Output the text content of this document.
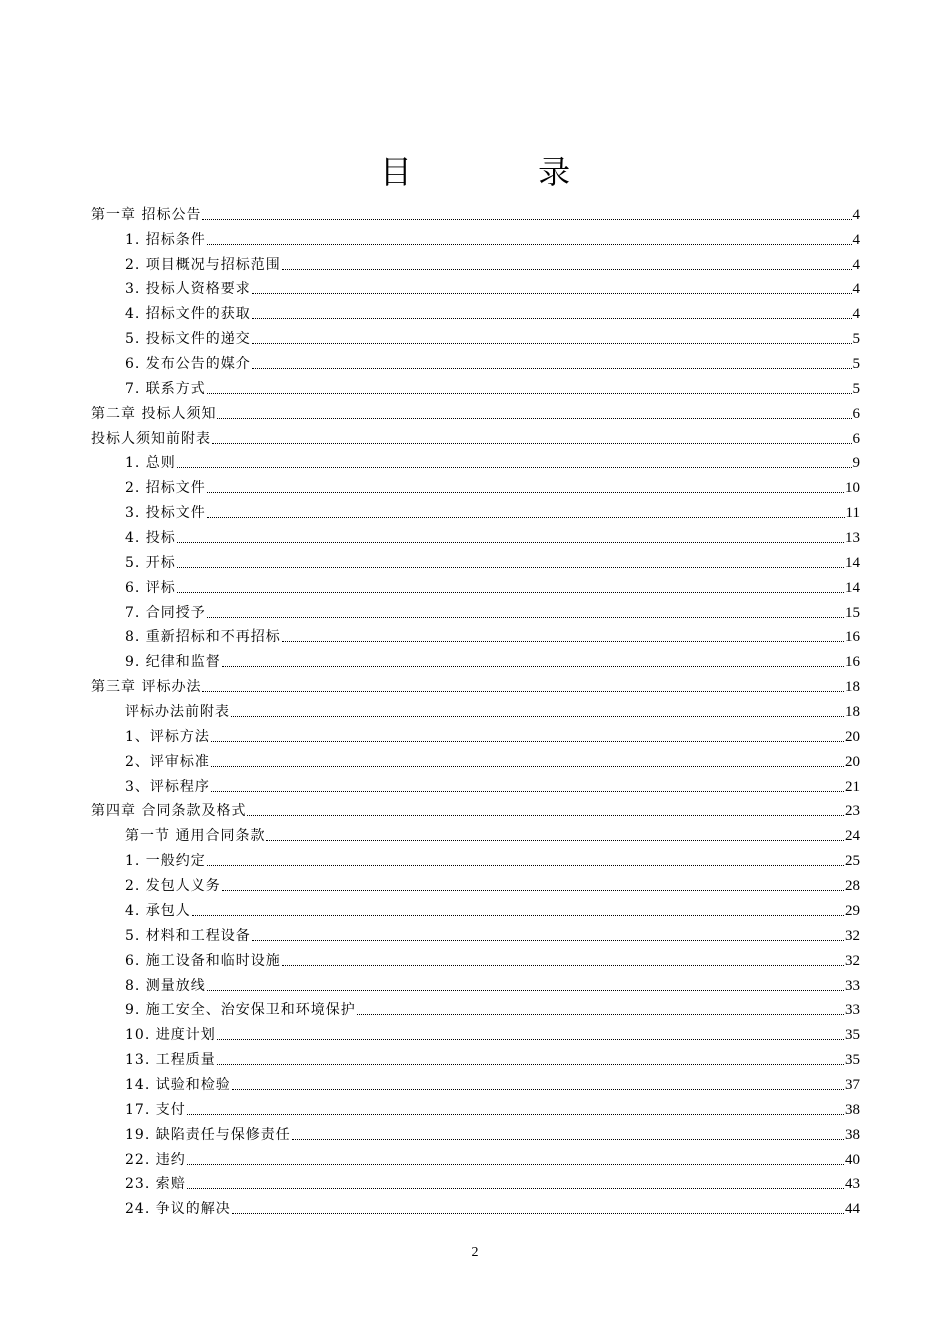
目 录
第一章 招标公告	4
1. 招标条件	4
2. 项目概况与招标范围	4
3. 投标人资格要求	4
4. 招标文件的获取	4
5. 投标文件的递交	5
6. 发布公告的媒介	5
7. 联系方式	5
第二章 投标人须知	6
投标人须知前附表	6
1. 总则	9
2. 招标文件	10
3. 投标文件	11
4. 投标	13
5. 开标	14
6. 评标	14
7. 合同授予	15
8. 重新招标和不再招标	16
9. 纪律和监督	16
第三章 评标办法	18
评标办法前附表	18
1、评标方法	20
2、评审标准	20
3、评标程序	21
第四章 合同条款及格式	23
第一节 通用合同条款	24
1. 一般约定	25
2. 发包人义务	28
4. 承包人	29
5. 材料和工程设备	32
6. 施工设备和临时设施	32
8. 测量放线	33
9. 施工安全、治安保卫和环境保护	33
10. 进度计划	35
13. 工程质量	35
14. 试验和检验	37
17. 支付	38
19. 缺陷责任与保修责任	38
22. 违约	40
23. 索赔	43
24. 争议的解决	44
2
